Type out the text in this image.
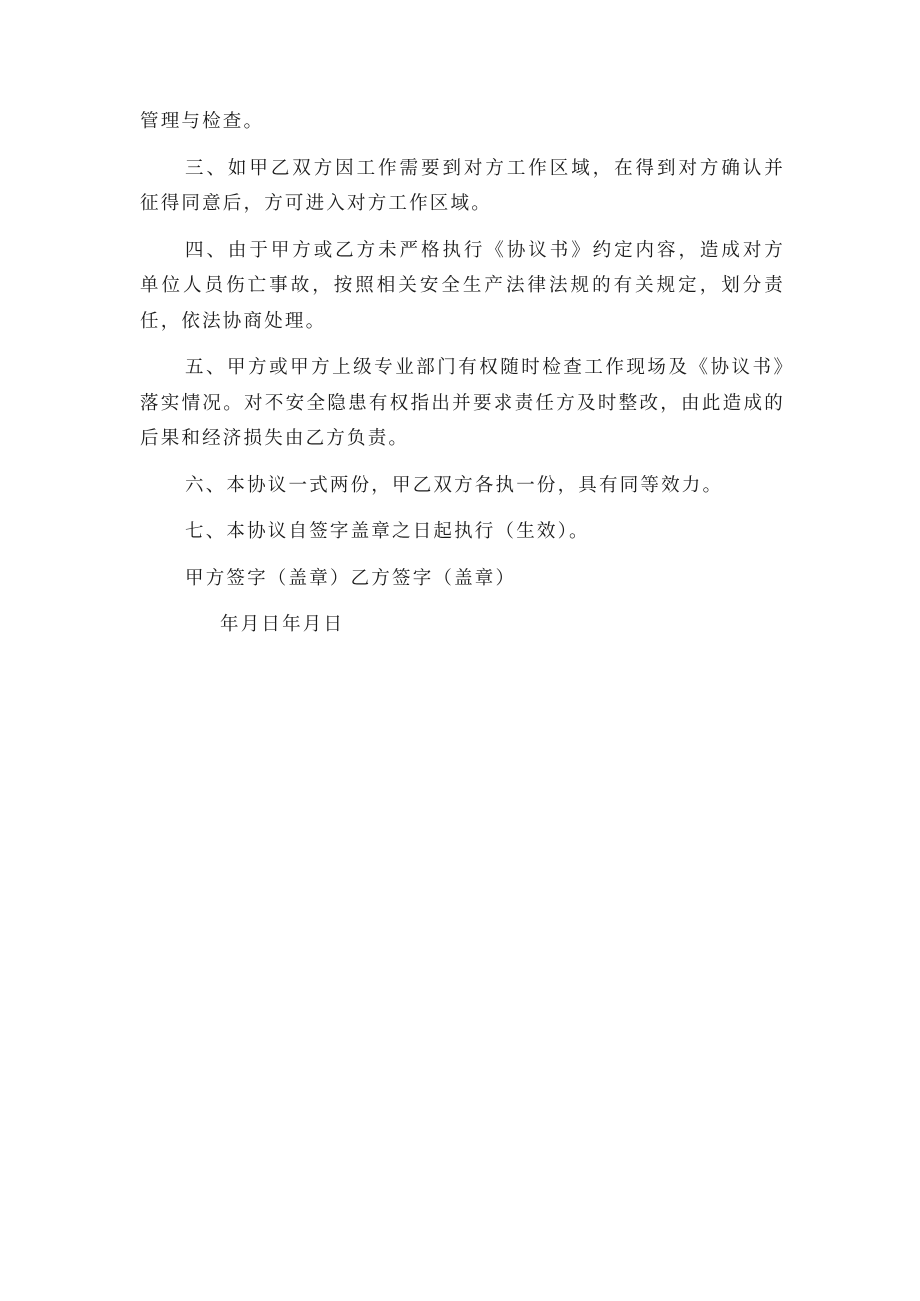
管理与检查。

三、如甲乙双方因工作需要到对方工作区域，在得到对方确认并征得同意后，方可进入对方工作区域。

四、由于甲方或乙方未严格执行《协议书》约定内容，造成对方单位人员伤亡事故，按照相关安全生产法律法规的有关规定，划分责任，依法协商处理。

五、甲方或甲方上级专业部门有权随时检查工作现场及《协议书》落实情况。对不安全隐患有权指出并要求责任方及时整改，由此造成的后果和经济损失由乙方负责。

六、本协议一式两份，甲乙双方各执一份，具有同等效力。

七、本协议自签字盖章之日起执行（生效）。

甲方签字（盖章）乙方签字（盖章）

年月日年月日
